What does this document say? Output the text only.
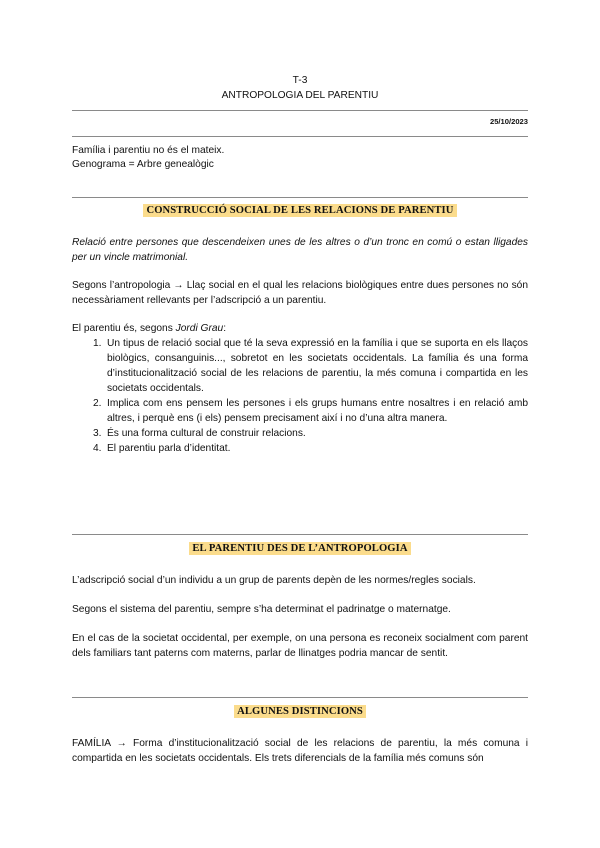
T-3
ANTROPOLOGIA DEL PARENTIU
25/10/2023
Família i parentiu no és el mateix.
Genograma = Arbre genealògic
CONSTRUCCIÓ SOCIAL DE LES RELACIONS DE PARENTIU
Relació entre persones que descendeixen unes de les altres o d’un tronc en comú o estan lligades per un vincle matrimonial.
Segons l’antropologia → Llaç social en el qual les relacions biològiques entre dues persones no són necessàriament rellevants per l’adscripció a un parentiu.
El parentiu és, segons Jordi Grau:
1. Un tipus de relació social que té la seva expressió en la família i que se suporta en els llaços biològics, consanguinis..., sobretot en les societats occidentals. La família és una forma d’institucionalització social de les relacions de parentiu, la més comuna i compartida en les societats occidentals.
2. Implica com ens pensem les persones i els grups humans entre nosaltres i en relació amb altres, i perquè ens (i els) pensem precisament així i no d’una altra manera.
3. És una forma cultural de construir relacions.
4. El parentiu parla d’identitat.
EL PARENTIU DES DE L’ANTROPOLOGIA
L’adscripció social d’un individu a un grup de parents depèn de les normes/regles socials.
Segons el sistema del parentiu, sempre s’ha determinat el padrinatge o maternatge.
En el cas de la societat occidental, per exemple, on una persona es reconeix socialment com parent dels familiars tant paterns com materns, parlar de llinatges podria mancar de sentit.
ALGUNES DISTINCIONS
FAMÍLIA → Forma d’institucionalització social de les relacions de parentiu, la més comuna i compartida en les societats occidentals. Els trets diferencials de la família més comuns són
